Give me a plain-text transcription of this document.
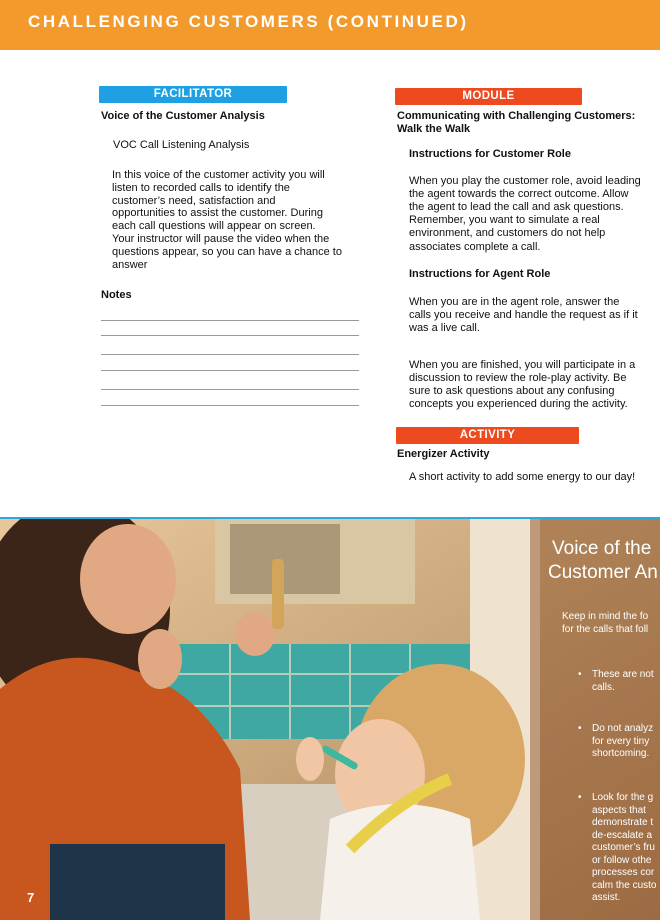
CHALLENGING CUSTOMERS (CONTINUED)
FACILITATOR
Voice of the Customer Analysis
VOC Call Listening Analysis
In this voice of the customer activity you will
listen to recorded calls to identify the
customer’s need, satisfaction and
opportunities to assist the customer. During
each call questions will appear on screen.
Your instructor will pause the video when the
questions appear, so you can have a chance to
answer
Notes
MODULE
Communicating with Challenging Customers:
Walk the Walk
Instructions for Customer Role
When you play the customer role, avoid leading
the agent towards the correct outcome. Allow
the agent to lead the call and ask questions.
Remember, you want to simulate a real
environment, and customers do not help
associates complete a call.
Instructions for Agent Role
When you are in the agent role, answer the
calls you receive and handle the request as if it
was a live call.
When you are finished, you will participate in a
discussion to review the role-play activity. Be
sure to ask questions about any confusing
concepts you experienced during the activity.
ACTIVITY
Energizer Activity
A short activity to add some energy to our day!
Voice of the
Customer An
Keep in mind the fo
for the calls that foll
These are not
•
calls.
Do not analyz
•
for every tiny
shortcoming.
Look for the g
•
aspects that
demonstrate t
de-escalate a
customer’s fru
or follow othe
processes cor
calm the custo
assist.
7
